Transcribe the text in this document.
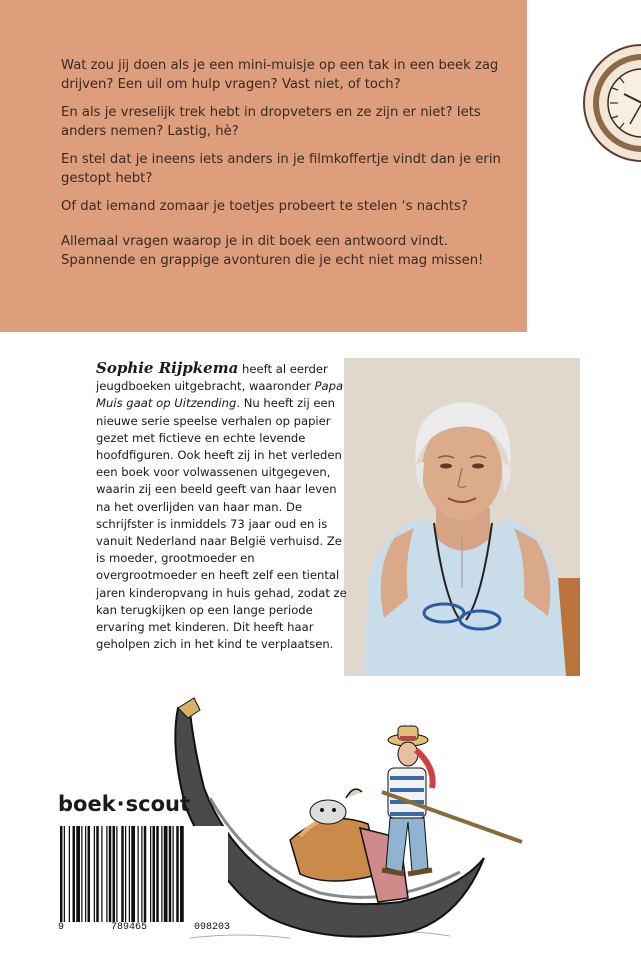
Wat zou jij doen als je een mini-muisje op een tak in een beek zag drijven? Een uil om hulp vragen? Vast niet, of toch?

En als je vreselijk trek hebt in dropveters en ze zijn er niet? Iets anders nemen? Lastig, hè?

En stel dat je ineens iets anders in je filmkoffertje vindt dan je erin gestopt hebt?

Of dat iemand zomaar je toetjes probeert te stelen ‘s nachts?

Allemaal vragen waarop je in dit boek een antwoord vindt. Spannende en grappige avonturen die je echt niet mag missen!

Sophie Rijpkema heeft al eerder jeugdboeken uitgebracht, waaronder Papa Muis gaat op Uitzending. Nu heeft zij een nieuwe serie speelse verhalen op papier gezet met fictieve en echte levende hoofdfiguren. Ook heeft zij in het verleden een boek voor volwassenen uitgegeven, waarin zij een beeld geeft van haar leven na het overlijden van haar man. De schrijfster is inmiddels 73 jaar oud en is vanuit Nederland naar België verhuisd. Ze is moeder, grootmoeder en overgrootmoeder en heeft zelf een tiental jaren kinderopvang in huis gehad, zodat ze kan terugkijken op een lange periode ervaring met kinderen. Dit heeft haar geholpen zich in het kind te verplaatsen.
boek·scout
9	789465	098203
